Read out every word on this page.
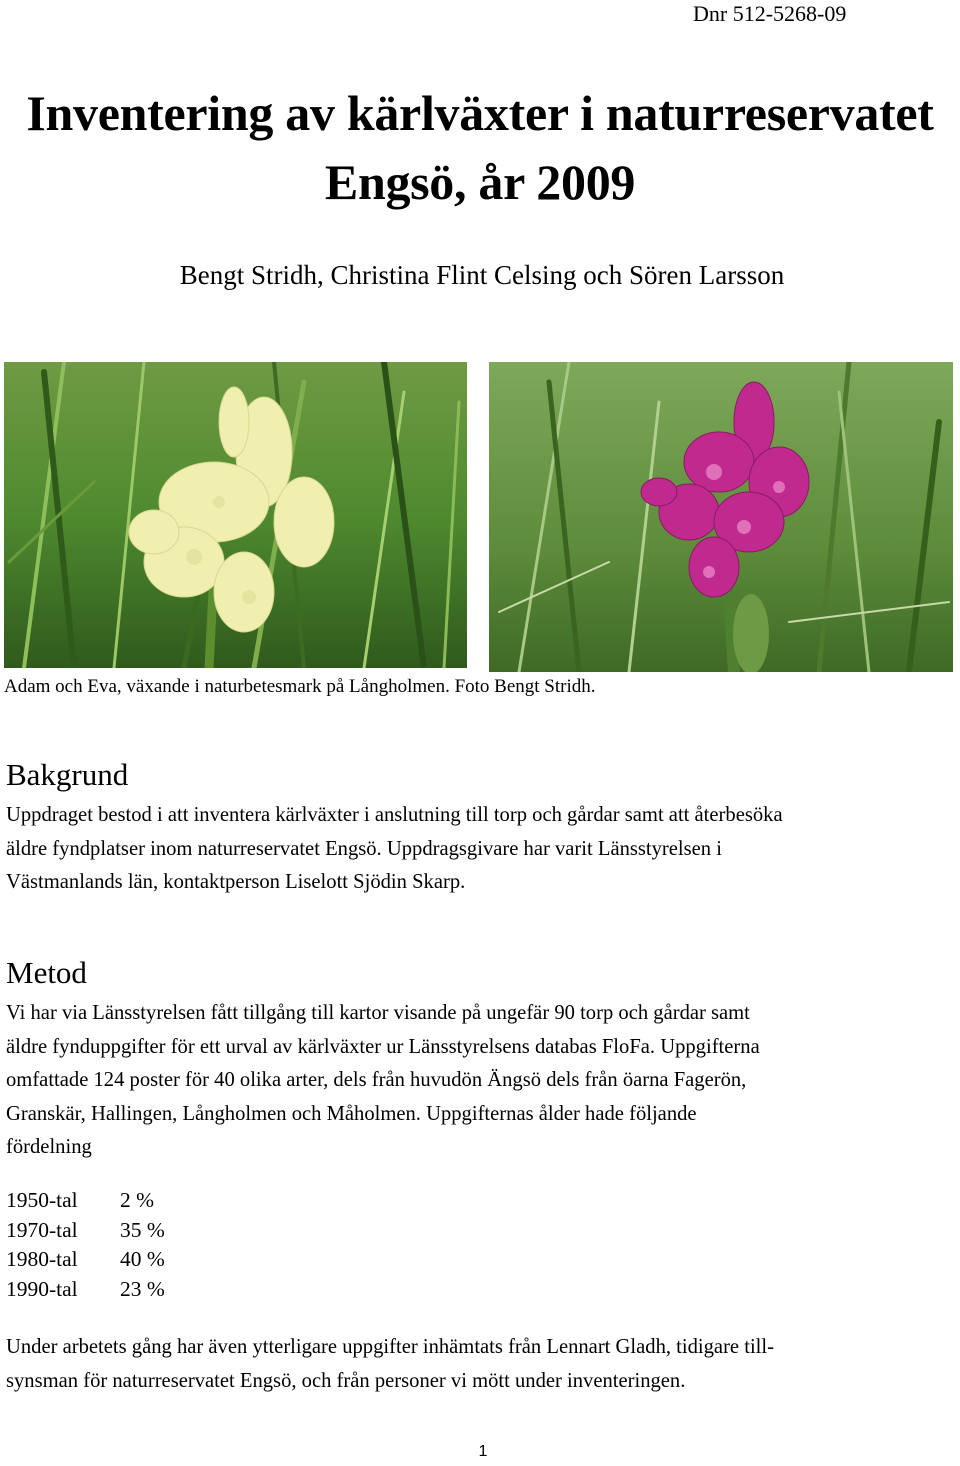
Dnr 512-5268-09
Inventering av kärlväxter i naturreservatet
Engsö, år 2009
Bengt Stridh, Christina Flint Celsing och Sören Larsson
Adam och Eva, växande i naturbetesmark på Långholmen. Foto Bengt Stridh.
Bakgrund
Uppdraget bestod i att inventera kärlväxter i anslutning till torp och gårdar samt att återbesöka
äldre fyndplatser inom naturreservatet Engsö. Uppdragsgivare har varit Länsstyrelsen i
Västmanlands län, kontaktperson Liselott Sjödin Skarp.
Metod
Vi har via Länsstyrelsen fått tillgång till kartor visande på ungefär 90 torp och gårdar samt
äldre fynduppgifter för ett urval av kärlväxter ur Länsstyrelsens databas FloFa. Uppgifterna
omfattade 124 poster för 40 olika arter, dels från huvudön Ängsö dels från öarna Fagerön,
Granskär, Hallingen, Långholmen och Måholmen. Uppgifternas ålder hade följande
fördelning
1950-tal	2 %
1970-tal	35 %
1980-tal	40 %
1990-tal	23 %
Under arbetets gång har även ytterligare uppgifter inhämtats från Lennart Gladh, tidigare till-
synsman för naturreservatet Engsö, och från personer vi mött under inventeringen.
1
